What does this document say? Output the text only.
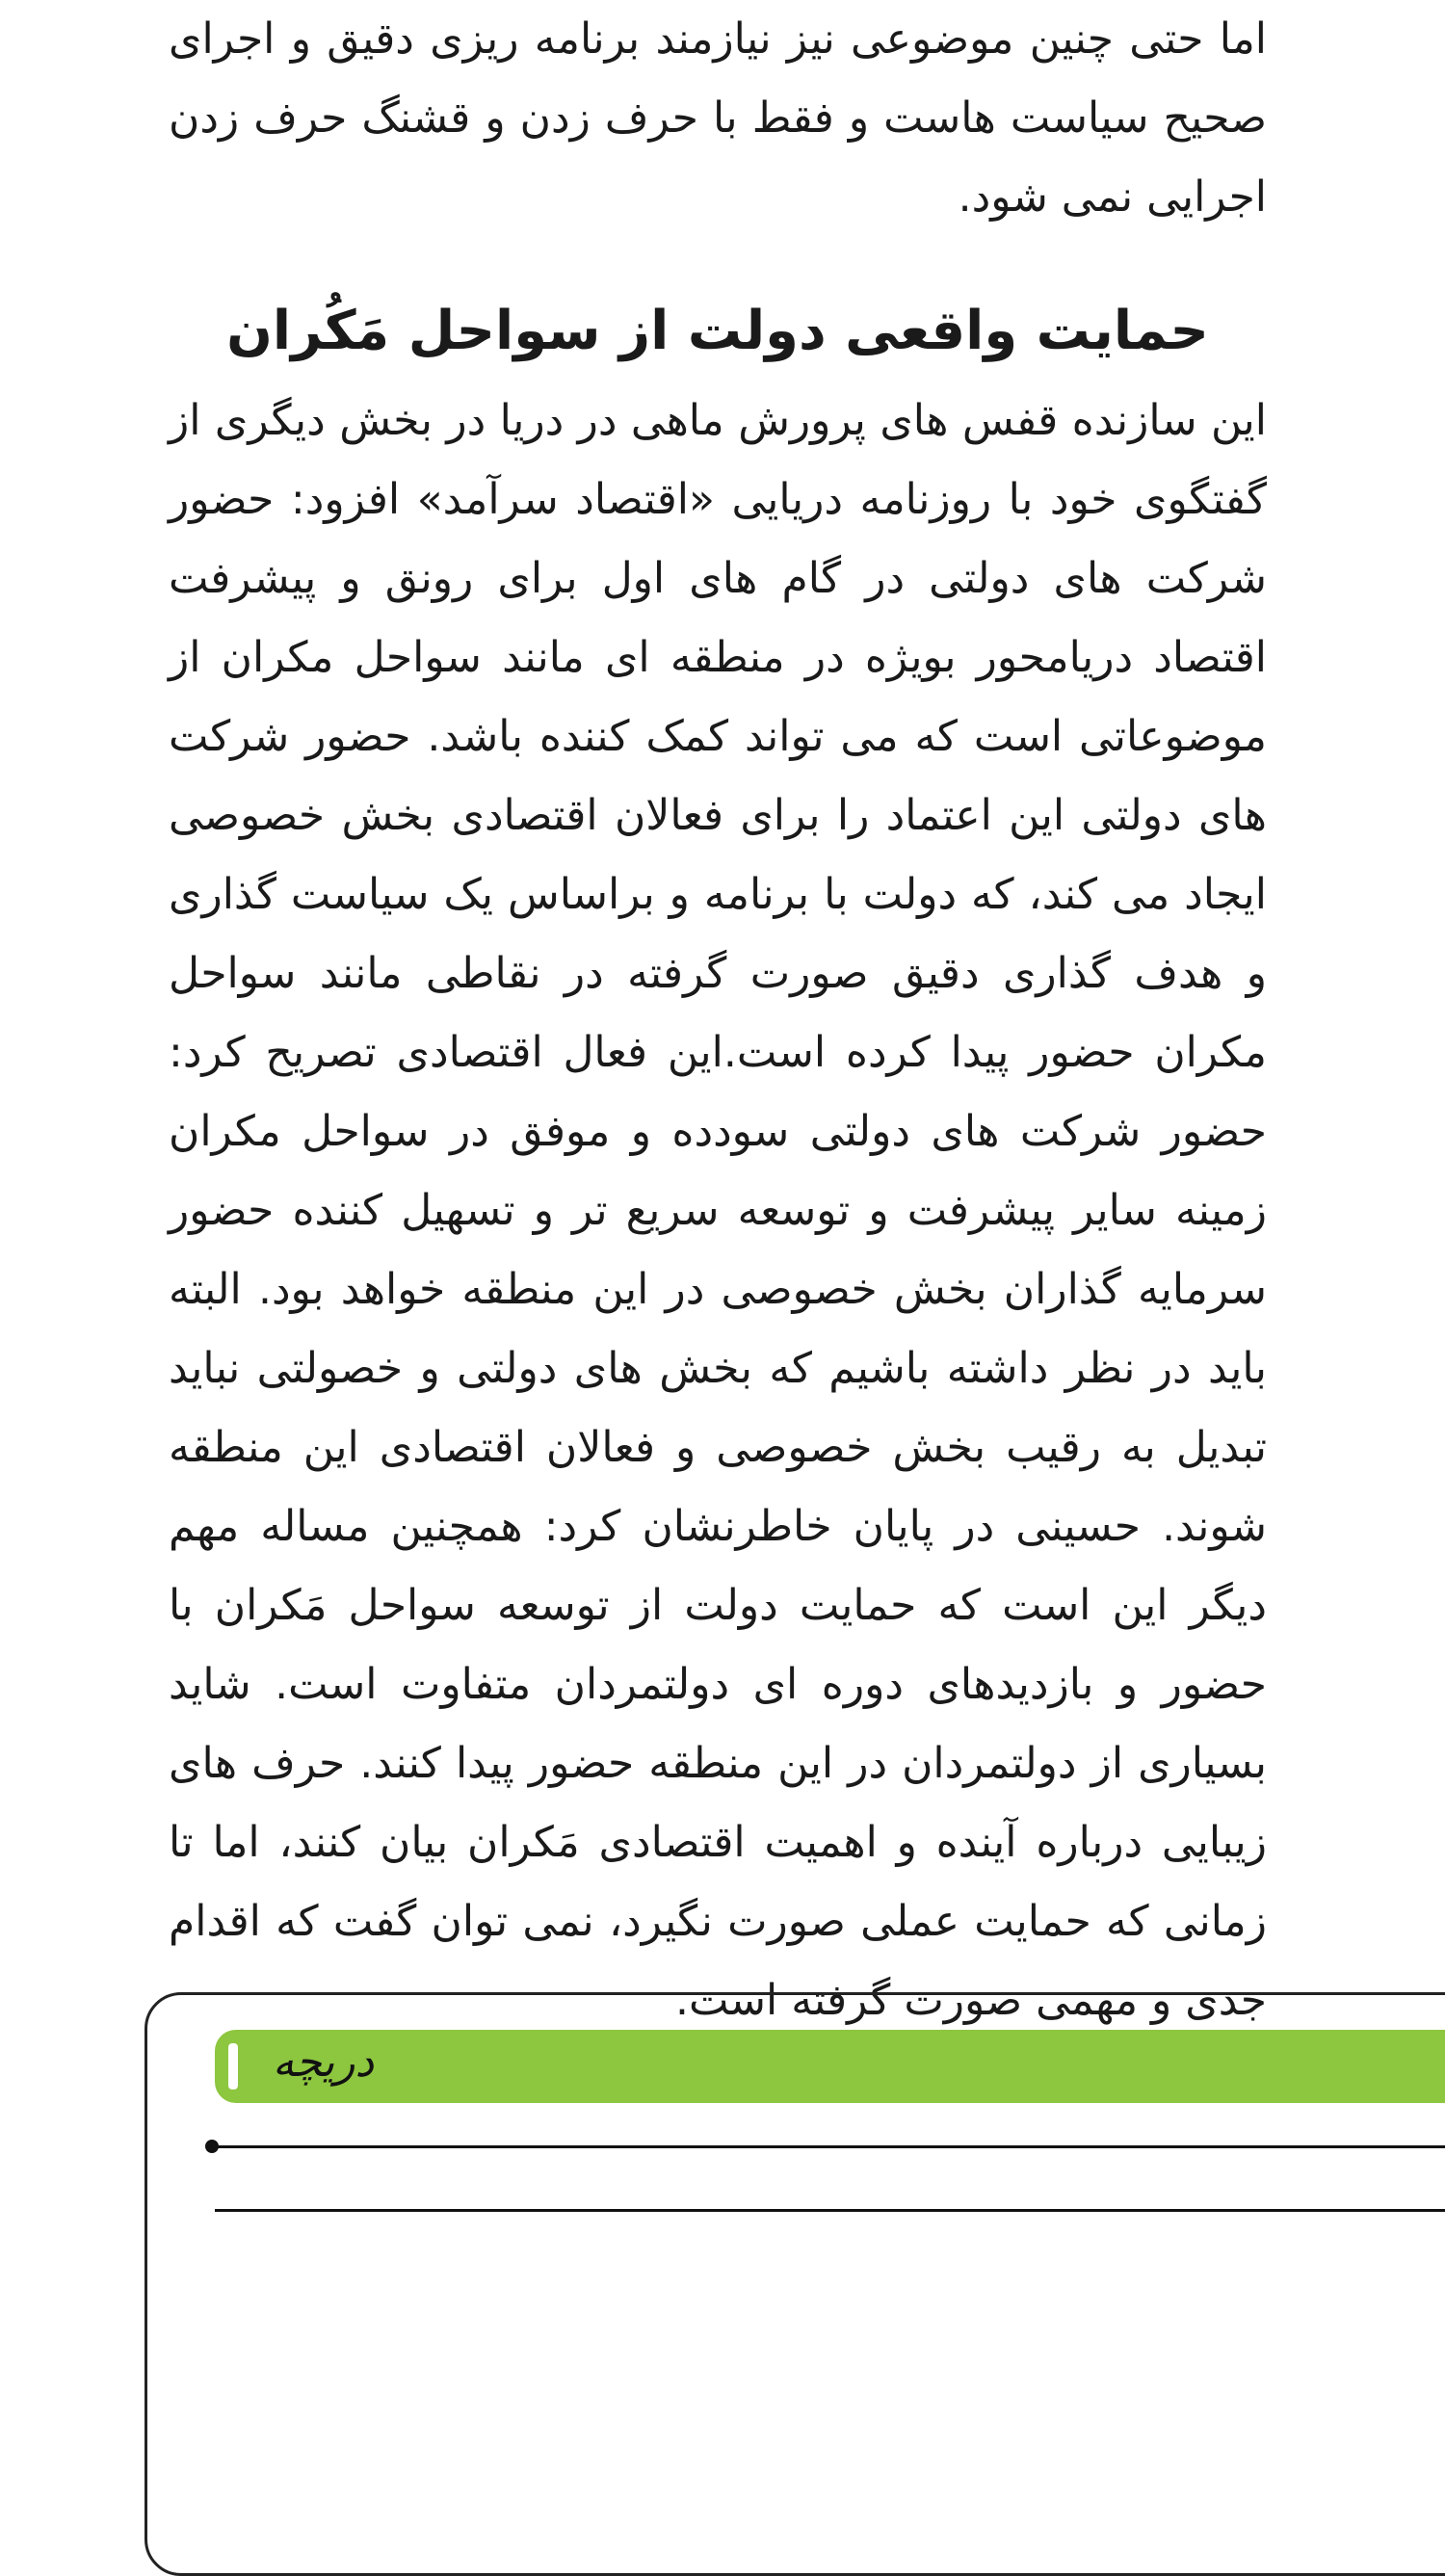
اما حتی چنین موضوعی نیز نیازمند برنامه ریزی دقیق و اجرای صحیح سیاست هاست و فقط با حرف زدن و قشنگ حرف زدن اجرایی نمی شود.

حمایت واقعی دولت از سواحل مَکُران

این سازنده قفس های پرورش ماهی در دریا در بخش دیگری از گفتگوی خود با روزنامه دریایی «اقتصاد سرآمد» افزود: حضور شرکت های دولتی در گام های اول برای رونق و پیشرفت اقتصاد دریامحور بویژه در منطقه ای مانند سواحل مکران از موضوعاتی است که می تواند کمک کننده باشد. حضور شرکت های دولتی این اعتماد را برای فعالان اقتصادی بخش خصوصی ایجاد می کند، که دولت با برنامه و براساس یک سیاست گذاری و هدف گذاری دقیق صورت گرفته در نقاطی مانند سواحل مکران حضور پیدا کرده است.این فعال اقتصادی تصریح کرد: حضور شرکت های دولتی سودده و موفق در سواحل مکران زمینه سایر پیشرفت و توسعه سریع تر و تسهیل کننده حضور سرمایه گذاران بخش خصوصی در این منطقه خواهد بود. البته باید در نظر داشته باشیم که بخش های دولتی و خصولتی نباید تبدیل به رقیب بخش خصوصی و فعالان اقتصادی این منطقه شوند. حسینی در پایان خاطرنشان کرد: همچنین مساله مهم دیگر این است که حمایت دولت از توسعه سواحل مَکران با حضور و بازدیدهای دوره ای دولتمردان متفاوت است. شاید بسیاری از دولتمردان در این منطقه حضور پیدا کنند. حرف های زیبایی درباره آینده و اهمیت اقتصادی مَکران بیان کنند، اما تا زمانی که حمایت عملی صورت نگیرد، نمی توان گفت که اقدام جدی و مهمی صورت گرفته است.

دریچه
